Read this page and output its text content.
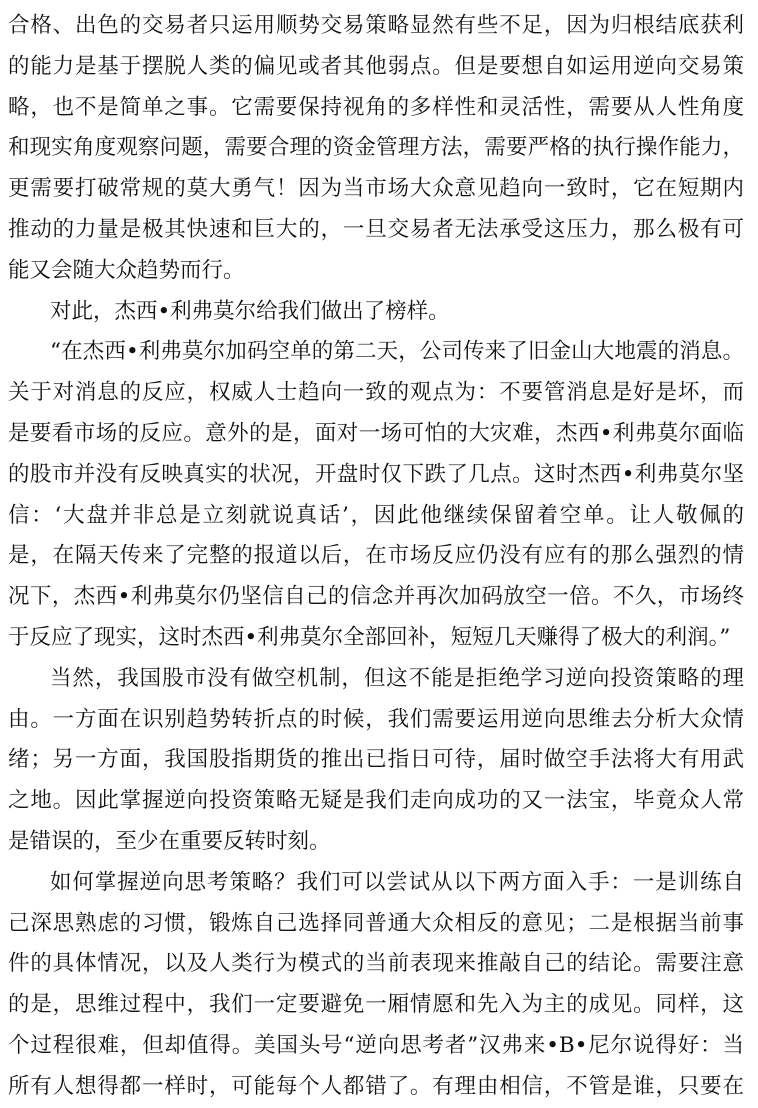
合格、出色的交易者只运用顺势交易策略显然有些不足，因为归根结底获利
的能力是基于摆脱人类的偏见或者其他弱点。但是要想自如运用逆向交易策
略，也不是简单之事。它需要保持视角的多样性和灵活性，需要从人性角度
和现实角度观察问题，需要合理的资金管理方法，需要严格的执行操作能力，
更需要打破常规的莫大勇气！因为当市场大众意见趋向一致时，它在短期内
推动的力量是极其快速和巨大的，一旦交易者无法承受这压力，那么极有可
能又会随大众趋势而行。
对此，杰西•利弗莫尔给我们做出了榜样。
“在杰西•利弗莫尔加码空单的第二天，公司传来了旧金山大地震的消息。
关于对消息的反应，权威人士趋向一致的观点为：不要管消息是好是坏，而
是要看市场的反应。意外的是，面对一场可怕的大灾难，杰西•利弗莫尔面临
的股市并没有反映真实的状况，开盘时仅下跌了几点。这时杰西•利弗莫尔坚
信：‘大盘并非总是立刻就说真话’，因此他继续保留着空单。让人敬佩的
是，在隔天传来了完整的报道以后，在市场反应仍没有应有的那么强烈的情
况下，杰西•利弗莫尔仍坚信自己的信念并再次加码放空一倍。不久，市场终
于反应了现实，这时杰西•利弗莫尔全部回补，短短几天赚得了极大的利润。”
当然，我国股市没有做空机制，但这不能是拒绝学习逆向投资策略的理
由。一方面在识别趋势转折点的时候，我们需要运用逆向思维去分析大众情
绪；另一方面，我国股指期货的推出已指日可待，届时做空手法将大有用武
之地。因此掌握逆向投资策略无疑是我们走向成功的又一法宝，毕竟众人常
是错误的，至少在重要反转时刻。
如何掌握逆向思考策略？我们可以尝试从以下两方面入手：一是训练自
己深思熟虑的习惯，锻炼自己选择同普通大众相反的意见；二是根据当前事
件的具体情况，以及人类行为模式的当前表现来推敲自己的结论。需要注意
的是，思维过程中，我们一定要避免一厢情愿和先入为主的成见。同样，这
个过程很难，但却值得。美国头号“逆向思考者”汉弗来•B•尼尔说得好：当
所有人想得都一样时，可能每个人都错了。有理由相信，不管是谁，只要在
